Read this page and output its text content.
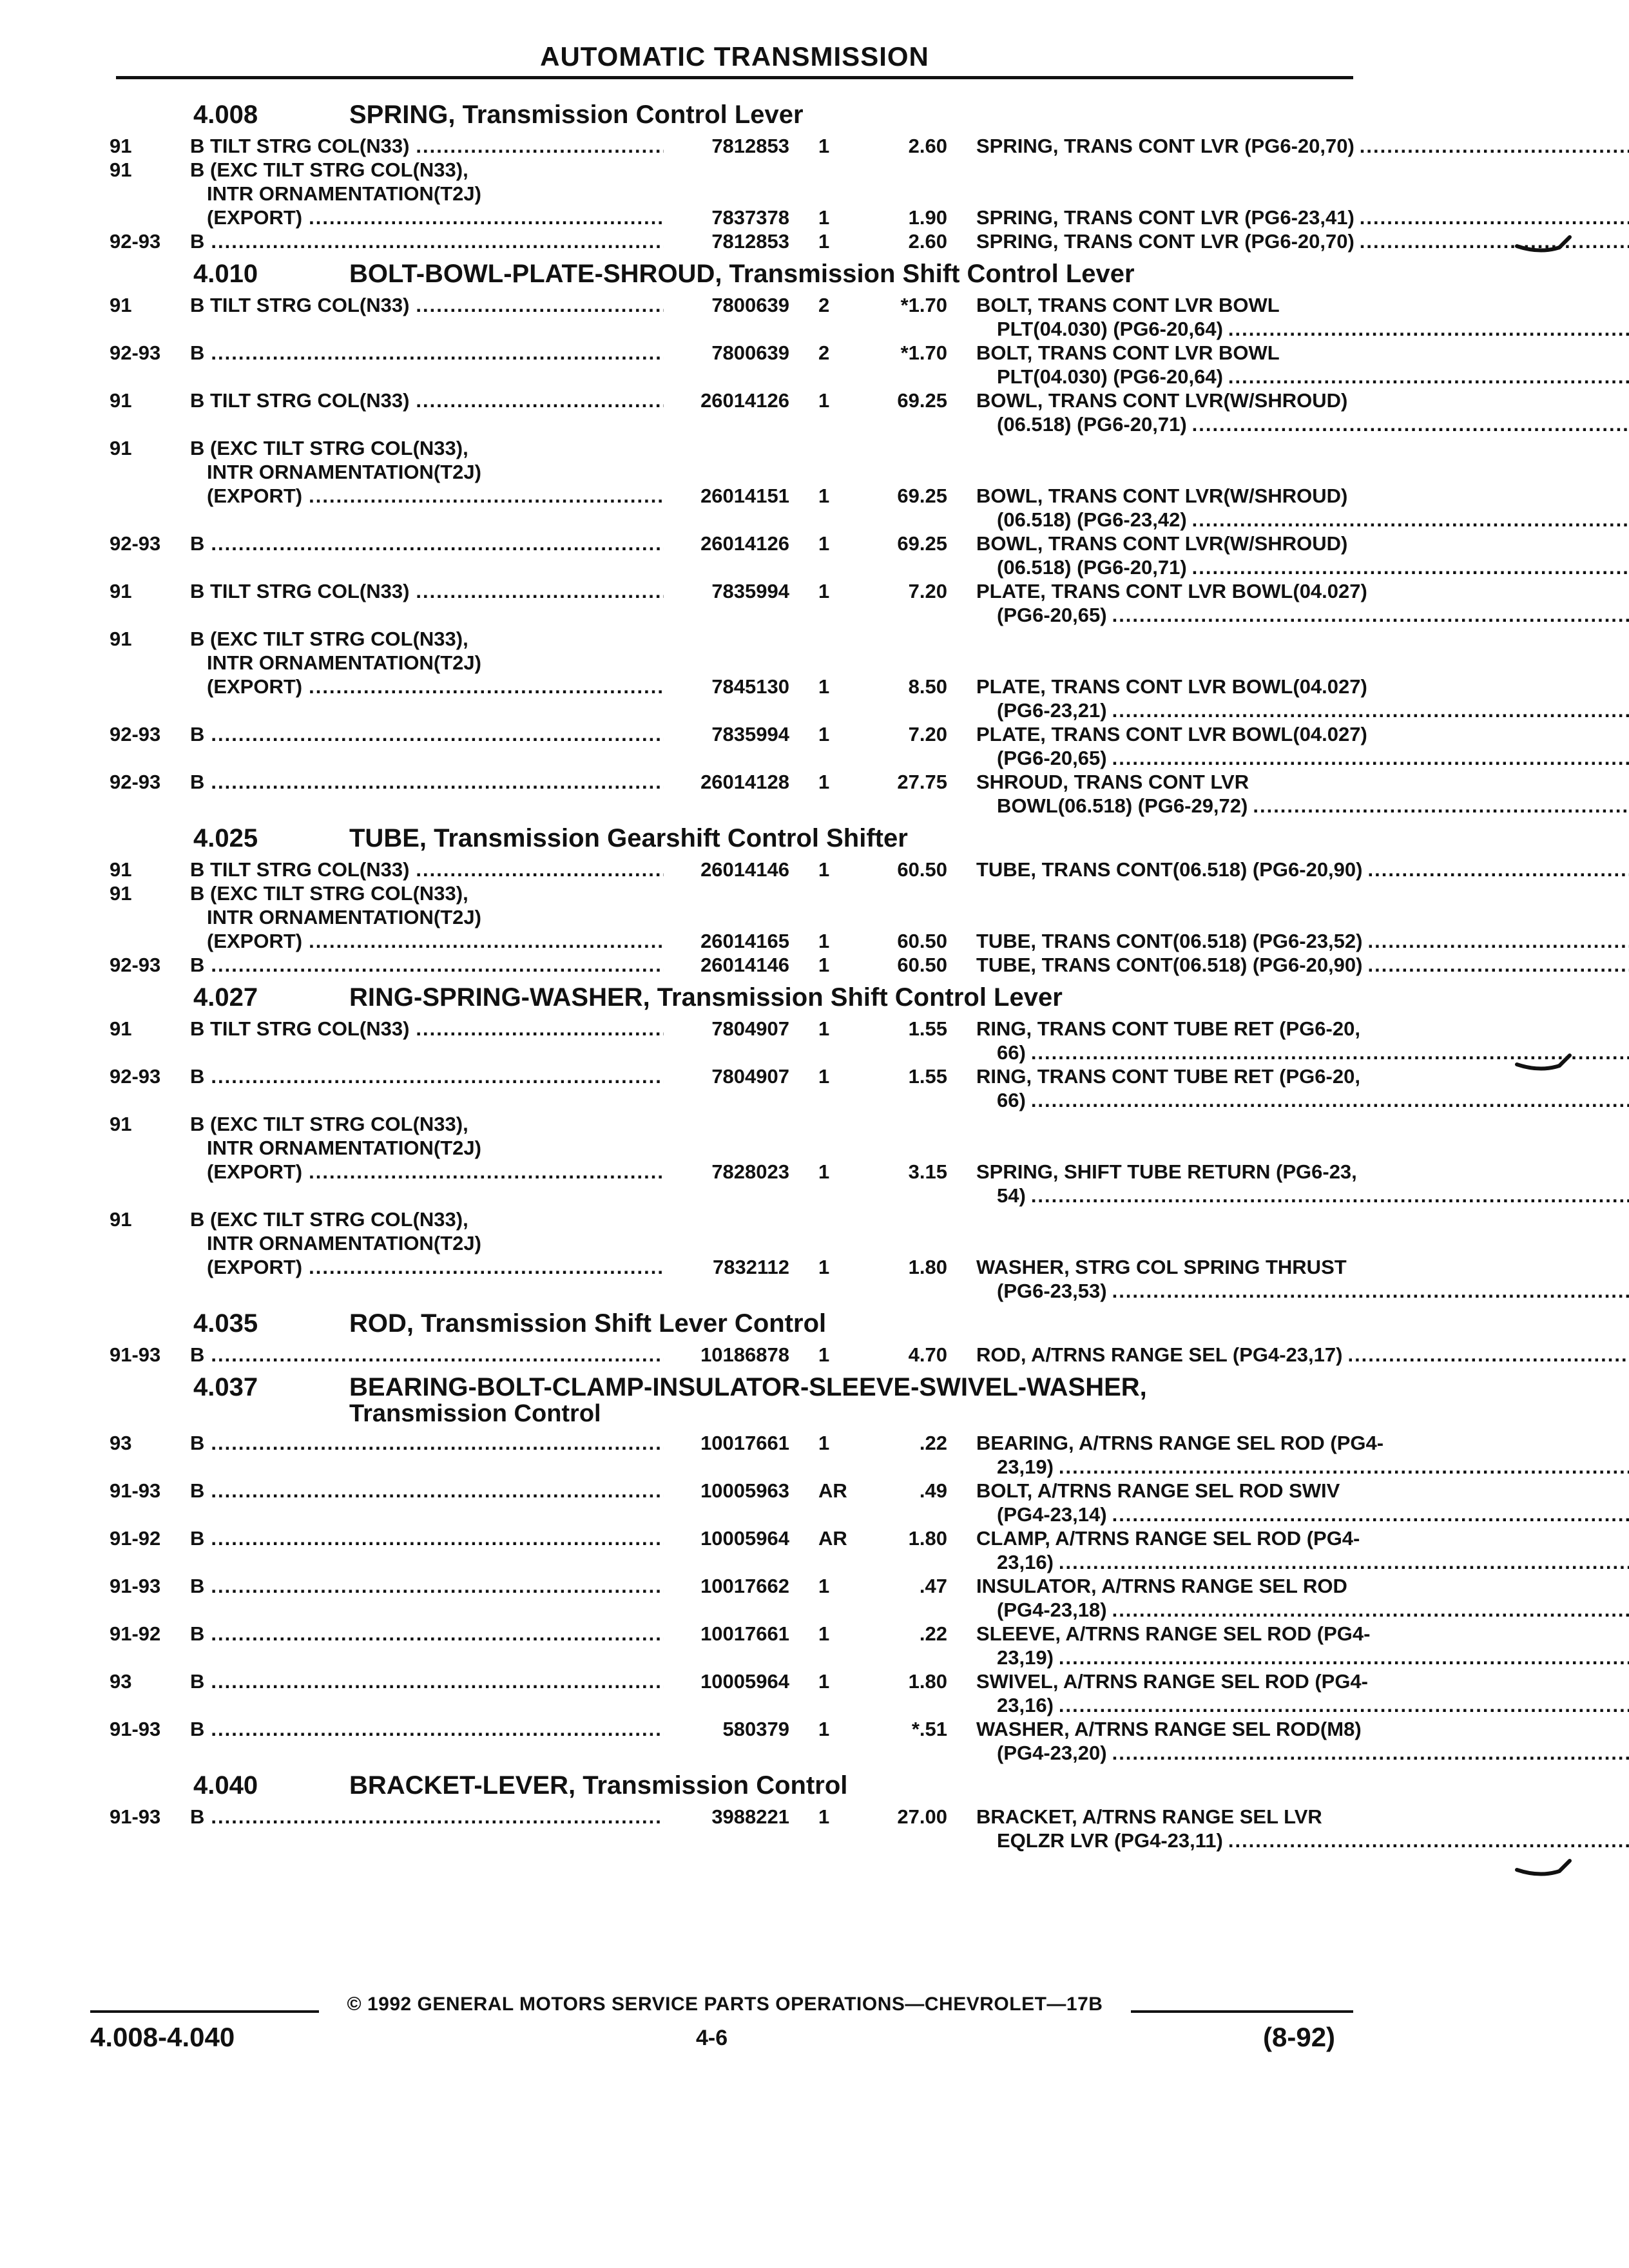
AUTOMATIC TRANSMISSION
4.008	SPRING, Transmission Control Lever
91	B TILT STRG COL(N33) .....	7812853	1	2.60 SPRING, TRANS CONT LVR (PG6-20,70) .....
91	B (EXC TILT STRG COL(N33),
INTR ORNAMENTATION(T2J)
(EXPORT) .....	7837378	1	1.90 SPRING, TRANS CONT LVR (PG6-23,41) .....
92-93	B .....	7812853	1	2.60 SPRING, TRANS CONT LVR (PG6-20,70) .....
4.010	BOLT-BOWL-PLATE-SHROUD, Transmission Shift Control Lever
91	B TILT STRG COL(N33) .....	7800639	2	*1.70 BOLT, TRANS CONT LVR BOWL
PLT(04.030) (PG6-20,64) .....
92-93	B .....	7800639	2	*1.70 BOLT, TRANS CONT LVR BOWL
PLT(04.030) (PG6-20,64) .....
91	B TILT STRG COL(N33) .....	26014126	1	69.25 BOWL, TRANS CONT LVR(W/SHROUD)
(06.518) (PG6-20,71) .....
91	B (EXC TILT STRG COL(N33),
INTR ORNAMENTATION(T2J)
(EXPORT) .....	26014151	1	69.25 BOWL, TRANS CONT LVR(W/SHROUD)
(06.518) (PG6-23,42) .....
92-93	B .....	26014126	1	69.25 BOWL, TRANS CONT LVR(W/SHROUD)
(06.518) (PG6-20,71) .....
91	B TILT STRG COL(N33) .....	7835994	1	7.20 PLATE, TRANS CONT LVR BOWL(04.027)
(PG6-20,65) .....
91	B (EXC TILT STRG COL(N33),
INTR ORNAMENTATION(T2J)
(EXPORT) .....	7845130	1	8.50 PLATE, TRANS CONT LVR BOWL(04.027)
(PG6-23,21) .....
92-93	B .....	7835994	1	7.20 PLATE, TRANS CONT LVR BOWL(04.027)
(PG6-20,65) .....
92-93	B .....	26014128	1	27.75 SHROUD, TRANS CONT LVR
BOWL(06.518) (PG6-29,72) .....
4.025	TUBE, Transmission Gearshift Control Shifter
91	B TILT STRG COL(N33) .....	26014146	1	60.50 TUBE, TRANS CONT(06.518) (PG6-20,90) .....
91	B (EXC TILT STRG COL(N33),
INTR ORNAMENTATION(T2J)
(EXPORT) .....	26014165	1	60.50 TUBE, TRANS CONT(06.518) (PG6-23,52) .....
92-93	B .....	26014146	1	60.50 TUBE, TRANS CONT(06.518) (PG6-20,90) .....
4.027	RING-SPRING-WASHER, Transmission Shift Control Lever
91	B TILT STRG COL(N33) .....	7804907	1	1.55 RING, TRANS CONT TUBE RET (PG6-20,
66) .....
92-93	B .....	7804907	1	1.55 RING, TRANS CONT TUBE RET (PG6-20,
66) .....
91	B (EXC TILT STRG COL(N33),
INTR ORNAMENTATION(T2J)
(EXPORT) .....	7828023	1	3.15 SPRING, SHIFT TUBE RETURN (PG6-23,
54) .....
91	B (EXC TILT STRG COL(N33),
INTR ORNAMENTATION(T2J)
(EXPORT) .....	7832112	1	1.80 WASHER, STRG COL SPRING THRUST
(PG6-23,53) .....
4.035	ROD, Transmission Shift Lever Control
91-93	B .....	10186878	1	4.70 ROD, A/TRNS RANGE SEL (PG4-23,17) .....
4.037	BEARING-BOLT-CLAMP-INSULATOR-SLEEVE-SWIVEL-WASHER,
Transmission Control
93	B .....	10017661	1	.22 BEARING, A/TRNS RANGE SEL ROD (PG4-
23,19) .....
91-93	B .....	10005963	AR	.49 BOLT, A/TRNS RANGE SEL ROD SWIV
(PG4-23,14) .....
91-92	B .....	10005964	AR	1.80 CLAMP, A/TRNS RANGE SEL ROD (PG4-
23,16) .....
91-93	B .....	10017662	1	.47 INSULATOR, A/TRNS RANGE SEL ROD
(PG4-23,18) .....
91-92	B .....	10017661	1	.22 SLEEVE, A/TRNS RANGE SEL ROD (PG4-
23,19) .....
93	B .....	10005964	1	1.80 SWIVEL, A/TRNS RANGE SEL ROD (PG4-
23,16) .....
91-93	B .....	580379	1	*.51 WASHER, A/TRNS RANGE SEL ROD(M8)
(PG4-23,20) .....
4.040	BRACKET-LEVER, Transmission Control
91-93	B .....	3988221	1	27.00 BRACKET, A/TRNS RANGE SEL LVR
EQLZR LVR (PG4-23,11) .....
© 1992 GENERAL MOTORS SERVICE PARTS OPERATIONS—CHEVROLET—17B
4.008-4.040	4-6	(8-92)
